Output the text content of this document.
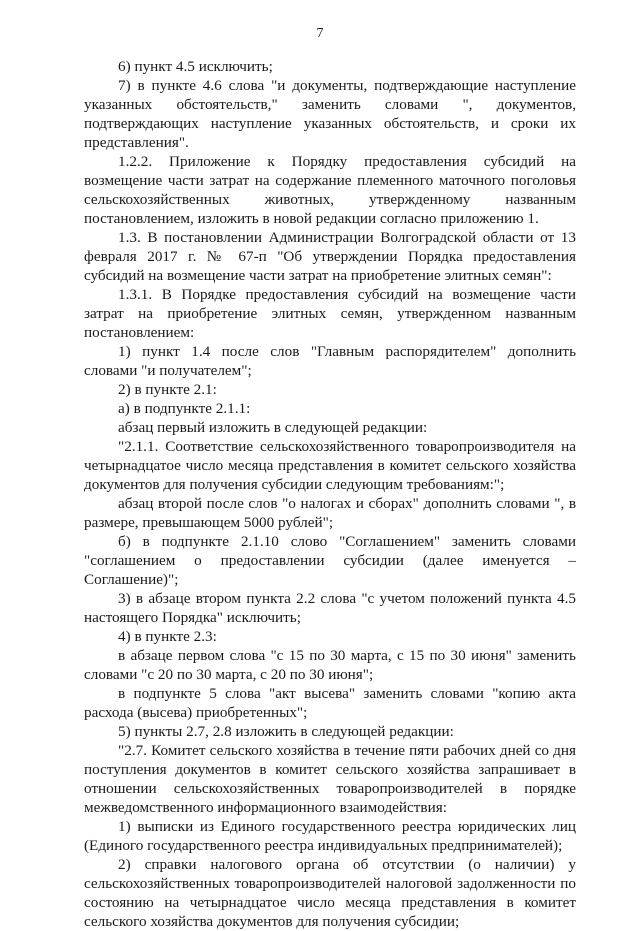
7

6) пункт 4.5 исключить;

7) в пункте 4.6 слова "и документы, подтверждающие наступление указанных обстоятельств," заменить словами ", документов, подтверждающих наступление указанных обстоятельств, и сроки их представления".

1.2.2. Приложение к Порядку предоставления субсидий на возмещение части затрат на содержание племенного маточного поголовья сельскохозяйственных животных, утвержденному названным постановлением, изложить в новой редакции согласно приложению 1.

1.3. В постановлении Администрации Волгоградской области от 13 февраля 2017 г. № 67-п "Об утверждении Порядка предоставления субсидий на возмещение части затрат на приобретение элитных семян":

1.3.1. В Порядке предоставления субсидий на возмещение части затрат на приобретение элитных семян, утвержденном названным постановлением:

1) пункт 1.4 после слов "Главным распорядителем" дополнить словами "и получателем";

2) в пункте 2.1:

а) в подпункте 2.1.1:

абзац первый изложить в следующей редакции:

"2.1.1. Соответствие сельскохозяйственного товаропроизводителя на четырнадцатое число месяца представления в комитет сельского хозяйства документов для получения субсидии следующим требованиям:";

абзац второй после слов "о налогах и сборах" дополнить словами ", в размере, превышающем 5000 рублей";

б) в подпункте 2.1.10 слово "Соглашением" заменить словами "соглашением о предоставлении субсидии (далее именуется – Соглашение)";

3) в абзаце втором пункта 2.2 слова "с учетом положений пункта 4.5 настоящего Порядка" исключить;

4) в пункте 2.3:

в абзаце первом слова "с 15 по 30 марта, с 15 по 30 июня" заменить словами "с 20 по 30 марта, с 20 по 30 июня";

в подпункте 5 слова "акт высева" заменить словами "копию акта расхода (высева) приобретенных";

5) пункты 2.7, 2.8 изложить в следующей редакции:

"2.7. Комитет сельского хозяйства в течение пяти рабочих дней со дня поступления документов в комитет сельского хозяйства запрашивает в отношении сельскохозяйственных товаропроизводителей в порядке межведомственного информационного взаимодействия:

1) выписки из Единого государственного реестра юридических лиц (Единого государственного реестра индивидуальных предпринимателей);

2) справки налогового органа об отсутствии (о наличии) у сельскохозяйственных товаропроизводителей налоговой задолженности по состоянию на четырнадцатое число месяца представления в комитет сельского хозяйства документов для получения субсидии;
